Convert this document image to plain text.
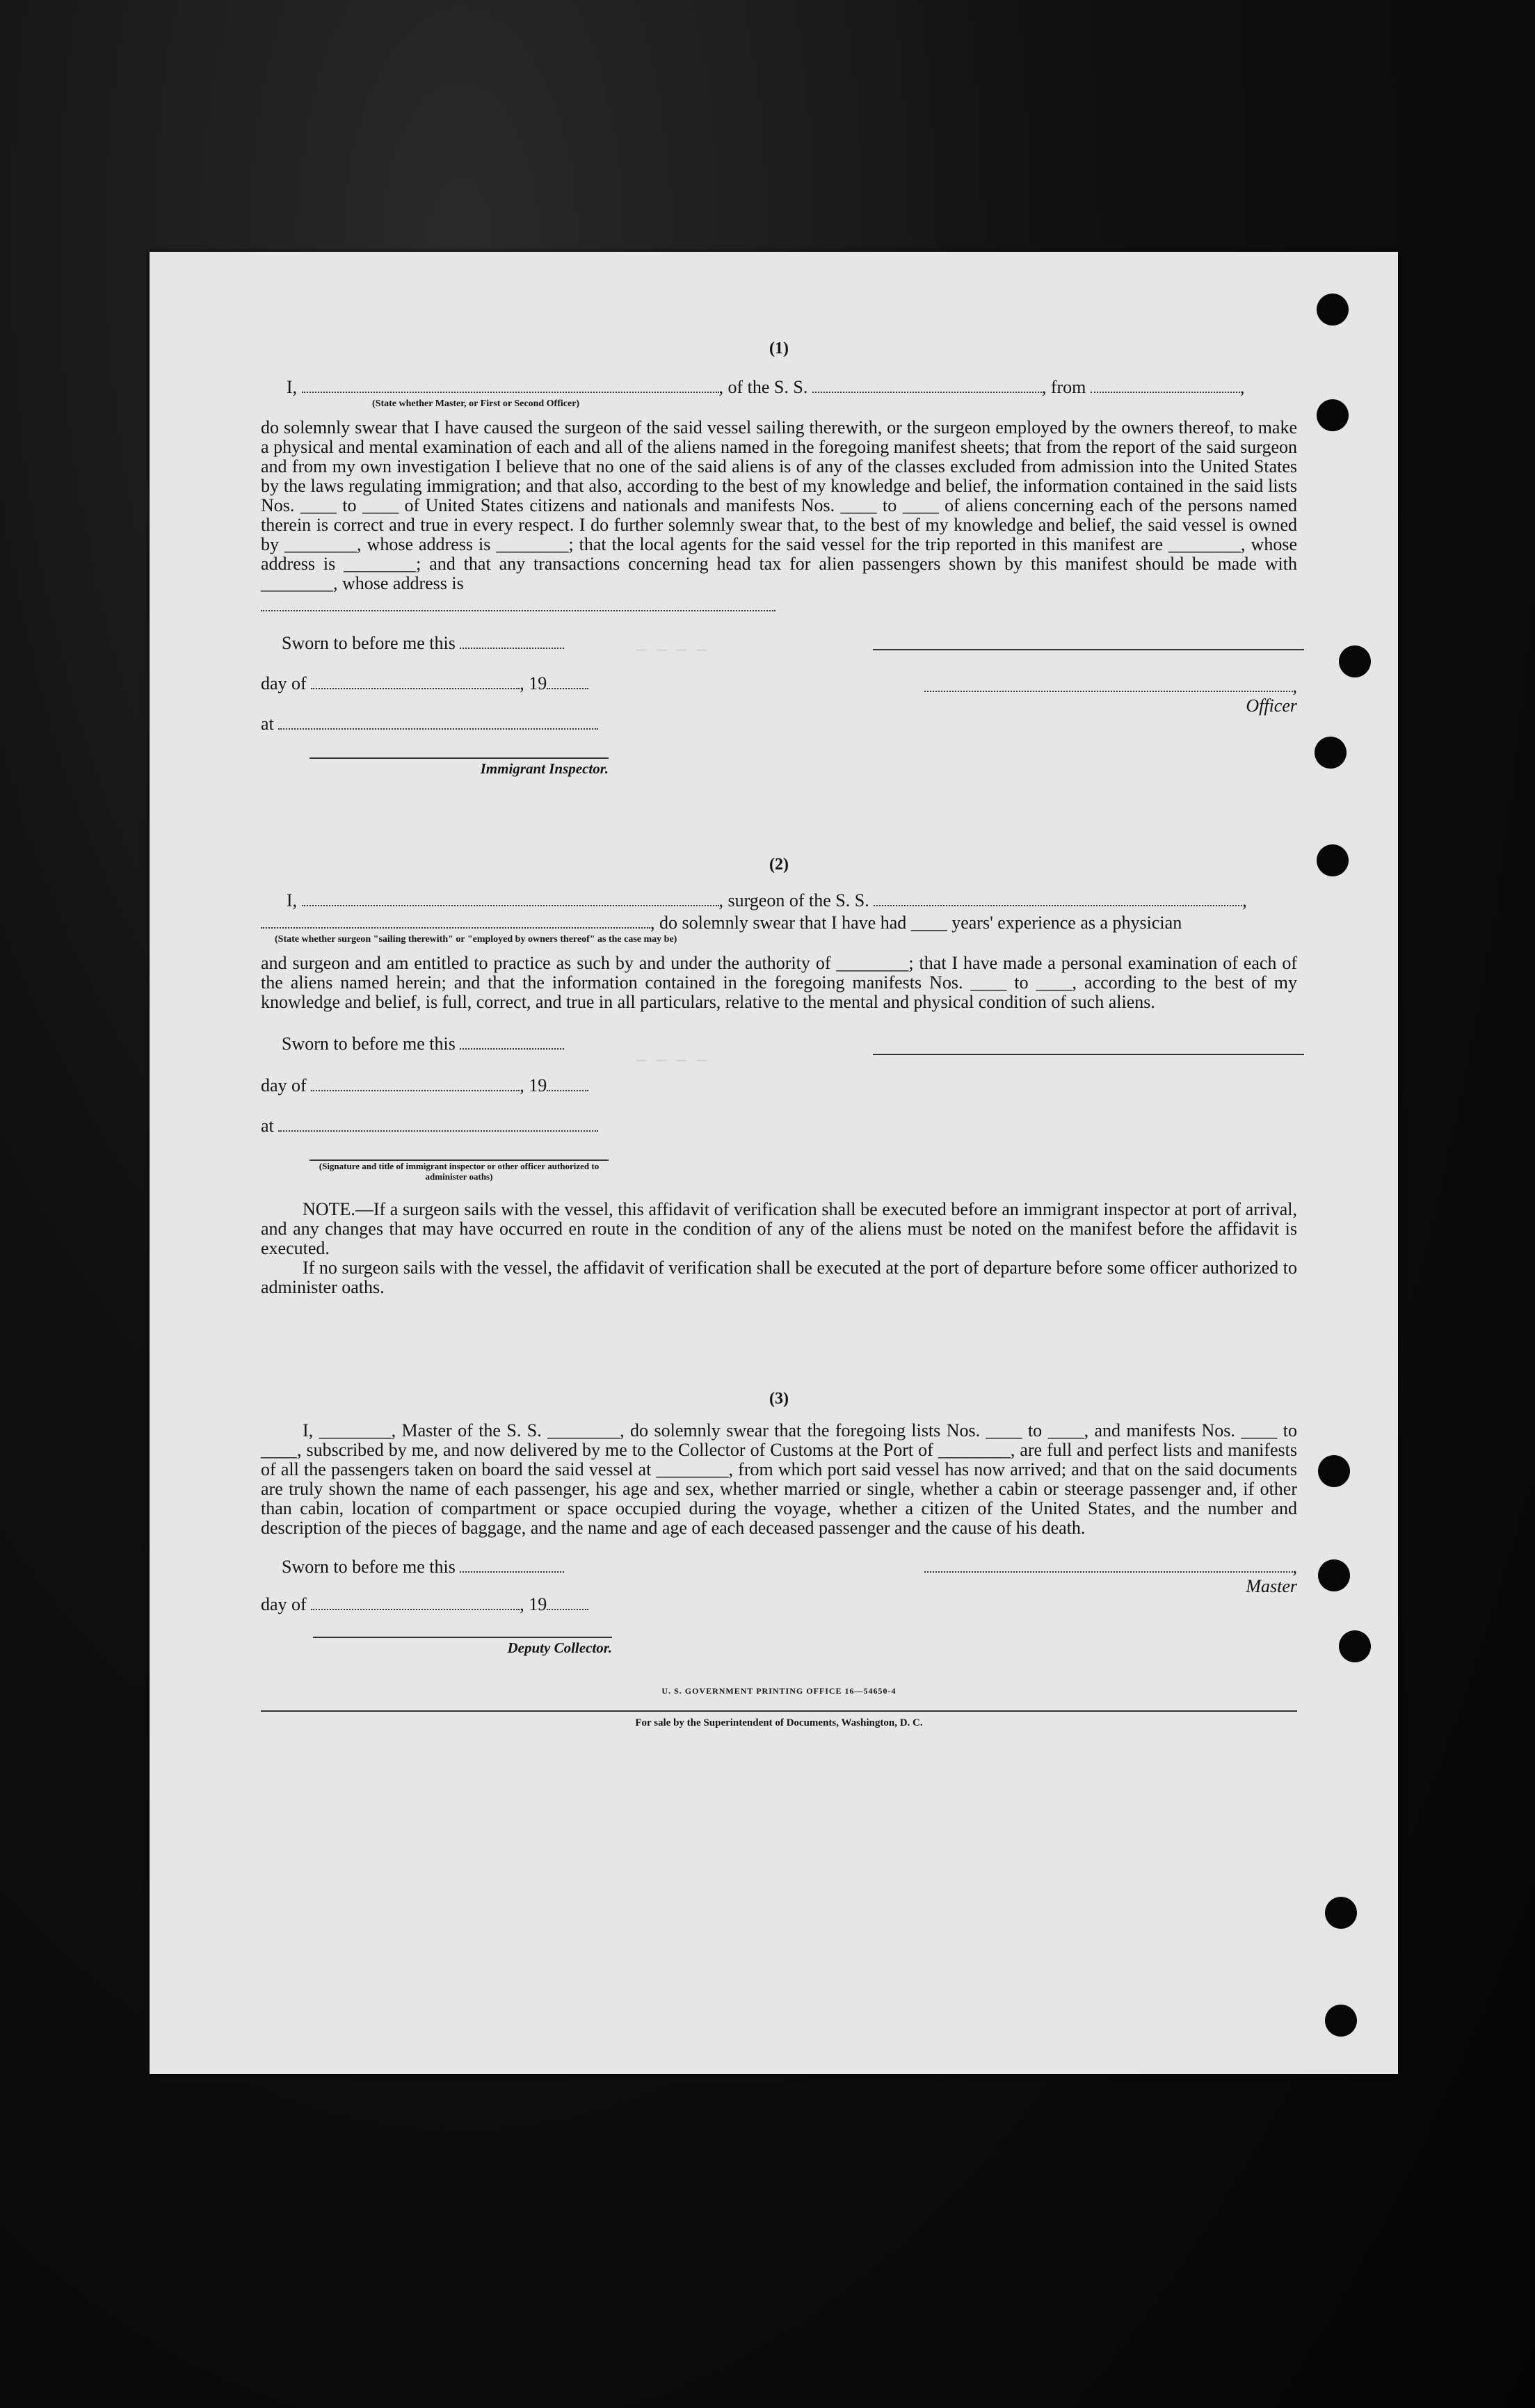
— — — —
— — — —
(1)
I,	, of the S. S.	, from	,
(State whether Master, or First or Second Officer)
do solemnly swear that I have caused the surgeon of the said vessel sailing therewith, or the surgeon employed by the owners thereof, to make a physical and mental examination of each and all of the aliens named in the foregoing manifest sheets; that from the report of the said surgeon and from my own investigation I believe that no one of the said aliens is of any of the classes excluded from admission into the United States by the laws regulating immigration; and that also, according to the best of my knowledge and belief, the information contained in the said lists Nos. ____ to ____ of United States citizens and nationals and manifests Nos. ____ to ____ of aliens concerning each of the persons named therein is correct and true in every respect. I do further solemnly swear that, to the best of my knowledge and belief, the said vessel is owned by ________, whose address is ________; that the local agents for the said vessel for the trip reported in this manifest are ________, whose address is ________; and that any transactions concerning head tax for alien passengers shown by this manifest should be made with ________, whose address is
Sworn to before me this
day of	, 19
at
Immigrant Inspector.
, Officer
(2)
I,	, surgeon of the S. S.	,
, do solemnly swear that I have had ____ years' experience as a physician
(State whether surgeon "sailing therewith" or "employed by owners thereof" as the case may be)
and surgeon and am entitled to practice as such by and under the authority of ________; that I have made a personal examination of each of the aliens named herein; and that the information contained in the foregoing manifests Nos. ____ to ____, according to the best of my knowledge and belief, is full, correct, and true in all particulars, relative to the mental and physical condition of such aliens.
Sworn to before me this
day of	, 19
at
(Signature and title of immigrant inspector or other officer authorized to administer oaths)
NOTE.—If a surgeon sails with the vessel, this affidavit of verification shall be executed before an immigrant inspector at port of arrival, and any changes that may have occurred en route in the condition of any of the aliens must be noted on the manifest before the affidavit is executed.
If no surgeon sails with the vessel, the affidavit of verification shall be executed at the port of departure before some officer authorized to administer oaths.
(3)
I, ________, Master of the S. S. ________, do solemnly swear that the foregoing lists Nos. ____ to ____, and manifests Nos. ____ to ____, subscribed by me, and now delivered by me to the Collector of Customs at the Port of ________, are full and perfect lists and manifests of all the passengers taken on board the said vessel at ________, from which port said vessel has now arrived; and that on the said documents are truly shown the name of each passenger, his age and sex, whether married or single, whether a cabin or steerage passenger and, if other than cabin, location of compartment or space occupied during the voyage, whether a citizen of the United States, and the number and description of the pieces of baggage, and the name and age of each deceased passenger and the cause of his death.
Sworn to before me this
day of	, 19
Deputy Collector.
, Master
U. S. GOVERNMENT PRINTING OFFICE 16—54650-4
For sale by the Superintendent of Documents, Washington, D. C.
